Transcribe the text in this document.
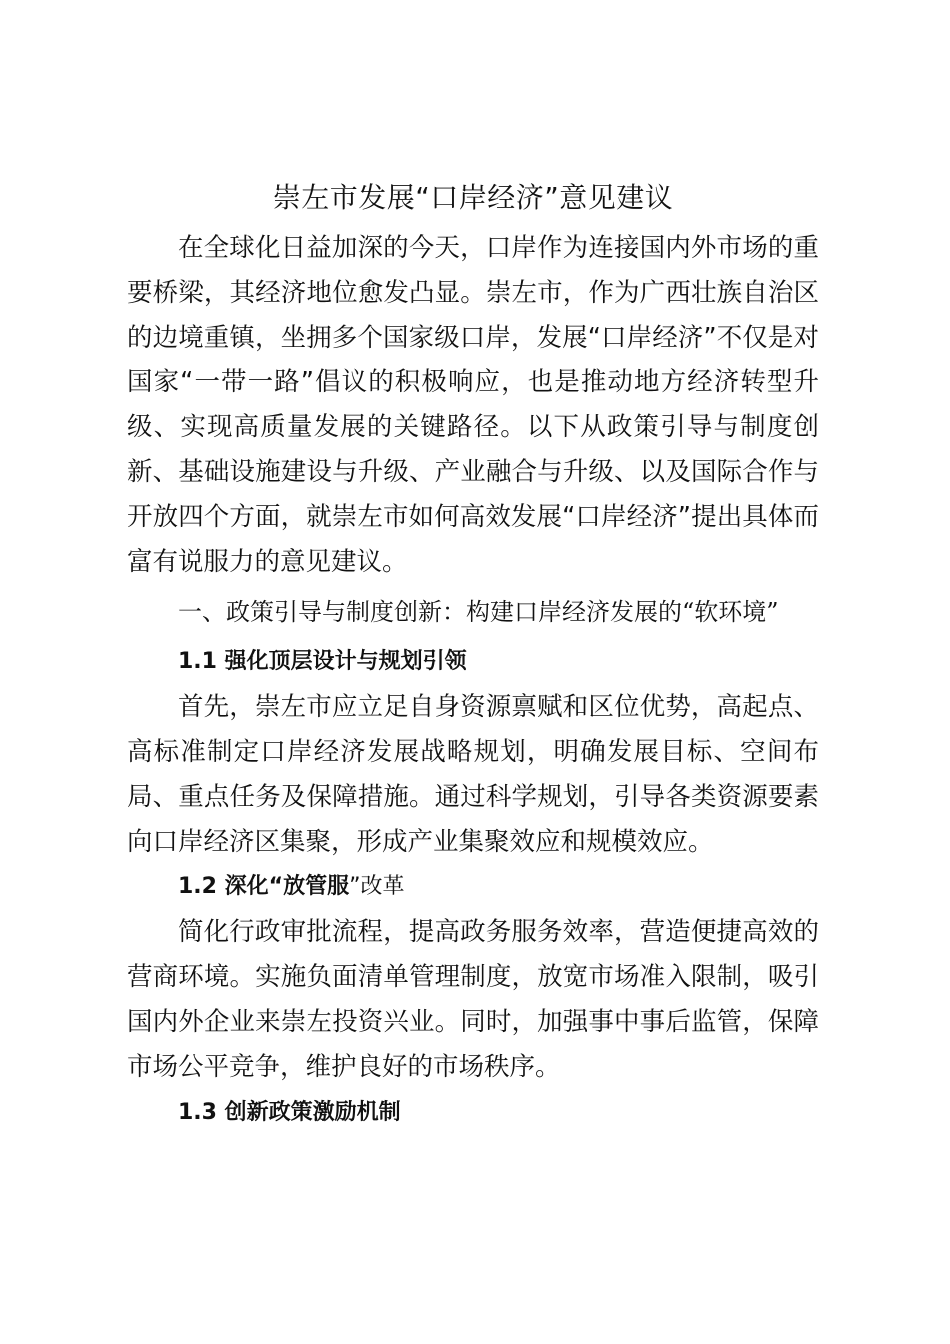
崇左市发展“口岸经济”意见建议

在全球化日益加深的今天，口岸作为连接国内外市场的重要桥梁，其经济地位愈发凸显。崇左市，作为广西壮族自治区的边境重镇，坐拥多个国家级口岸，发展“口岸经济”不仅是对国家“一带一路”倡议的积极响应，也是推动地方经济转型升级、实现高质量发展的关键路径。以下从政策引导与制度创新、基础设施建设与升级、产业融合与升级、以及国际合作与开放四个方面，就崇左市如何高效发展“口岸经济”提出具体而富有说服力的意见建议。

一、政策引导与制度创新：构建口岸经济发展的“软环境”

1.1 强化顶层设计与规划引领

首先，崇左市应立足自身资源禀赋和区位优势，高起点、高标准制定口岸经济发展战略规划，明确发展目标、空间布局、重点任务及保障措施。通过科学规划，引导各类资源要素向口岸经济区集聚，形成产业集聚效应和规模效应。

1.2 深化“放管服”改革

简化行政审批流程，提高政务服务效率，营造便捷高效的营商环境。实施负面清单管理制度，放宽市场准入限制，吸引国内外企业来崇左投资兴业。同时，加强事中事后监管，保障市场公平竞争，维护良好的市场秩序。

1.3 创新政策激励机制
